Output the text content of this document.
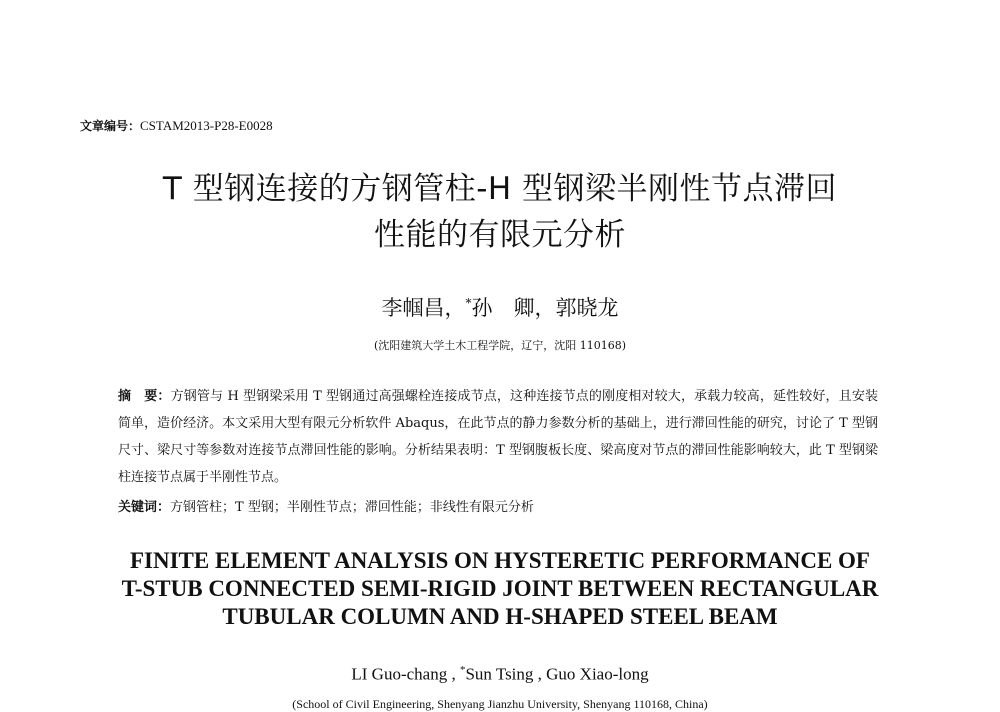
文章编号：CSTAM2013-P28-E0028
T 型钢连接的方钢管柱-H 型钢梁半刚性节点滞回
性能的有限元分析
李帼昌，*孙　卿，郭晓龙
(沈阳建筑大学土木工程学院，辽宁，沈阳 110168)
摘　要：方钢管与 H 型钢梁采用 T 型钢通过高强螺栓连接成节点，这种连接节点的刚度相对较大，承载力较高，延性较好，且安装简单，造价经济。本文采用大型有限元分析软件 Abaqus，在此节点的静力参数分析的基础上，进行滞回性能的研究，讨论了 T 型钢尺寸、梁尺寸等参数对连接节点滞回性能的影响。分析结果表明：T 型钢腹板长度、梁高度对节点的滞回性能影响较大，此 T 型钢梁柱连接节点属于半刚性节点。
关键词：方钢管柱；T 型钢；半刚性节点；滞回性能；非线性有限元分析
FINITE ELEMENT ANALYSIS ON HYSTERETIC PERFORMANCE OF
T-STUB CONNECTED SEMI-RIGID JOINT BETWEEN RECTANGULAR
TUBULAR COLUMN AND H-SHAPED STEEL BEAM
LI Guo-chang , *Sun Tsing , Guo Xiao-long
(School of Civil Engineering, Shenyang Jianzhu University, Shenyang 110168, China)
